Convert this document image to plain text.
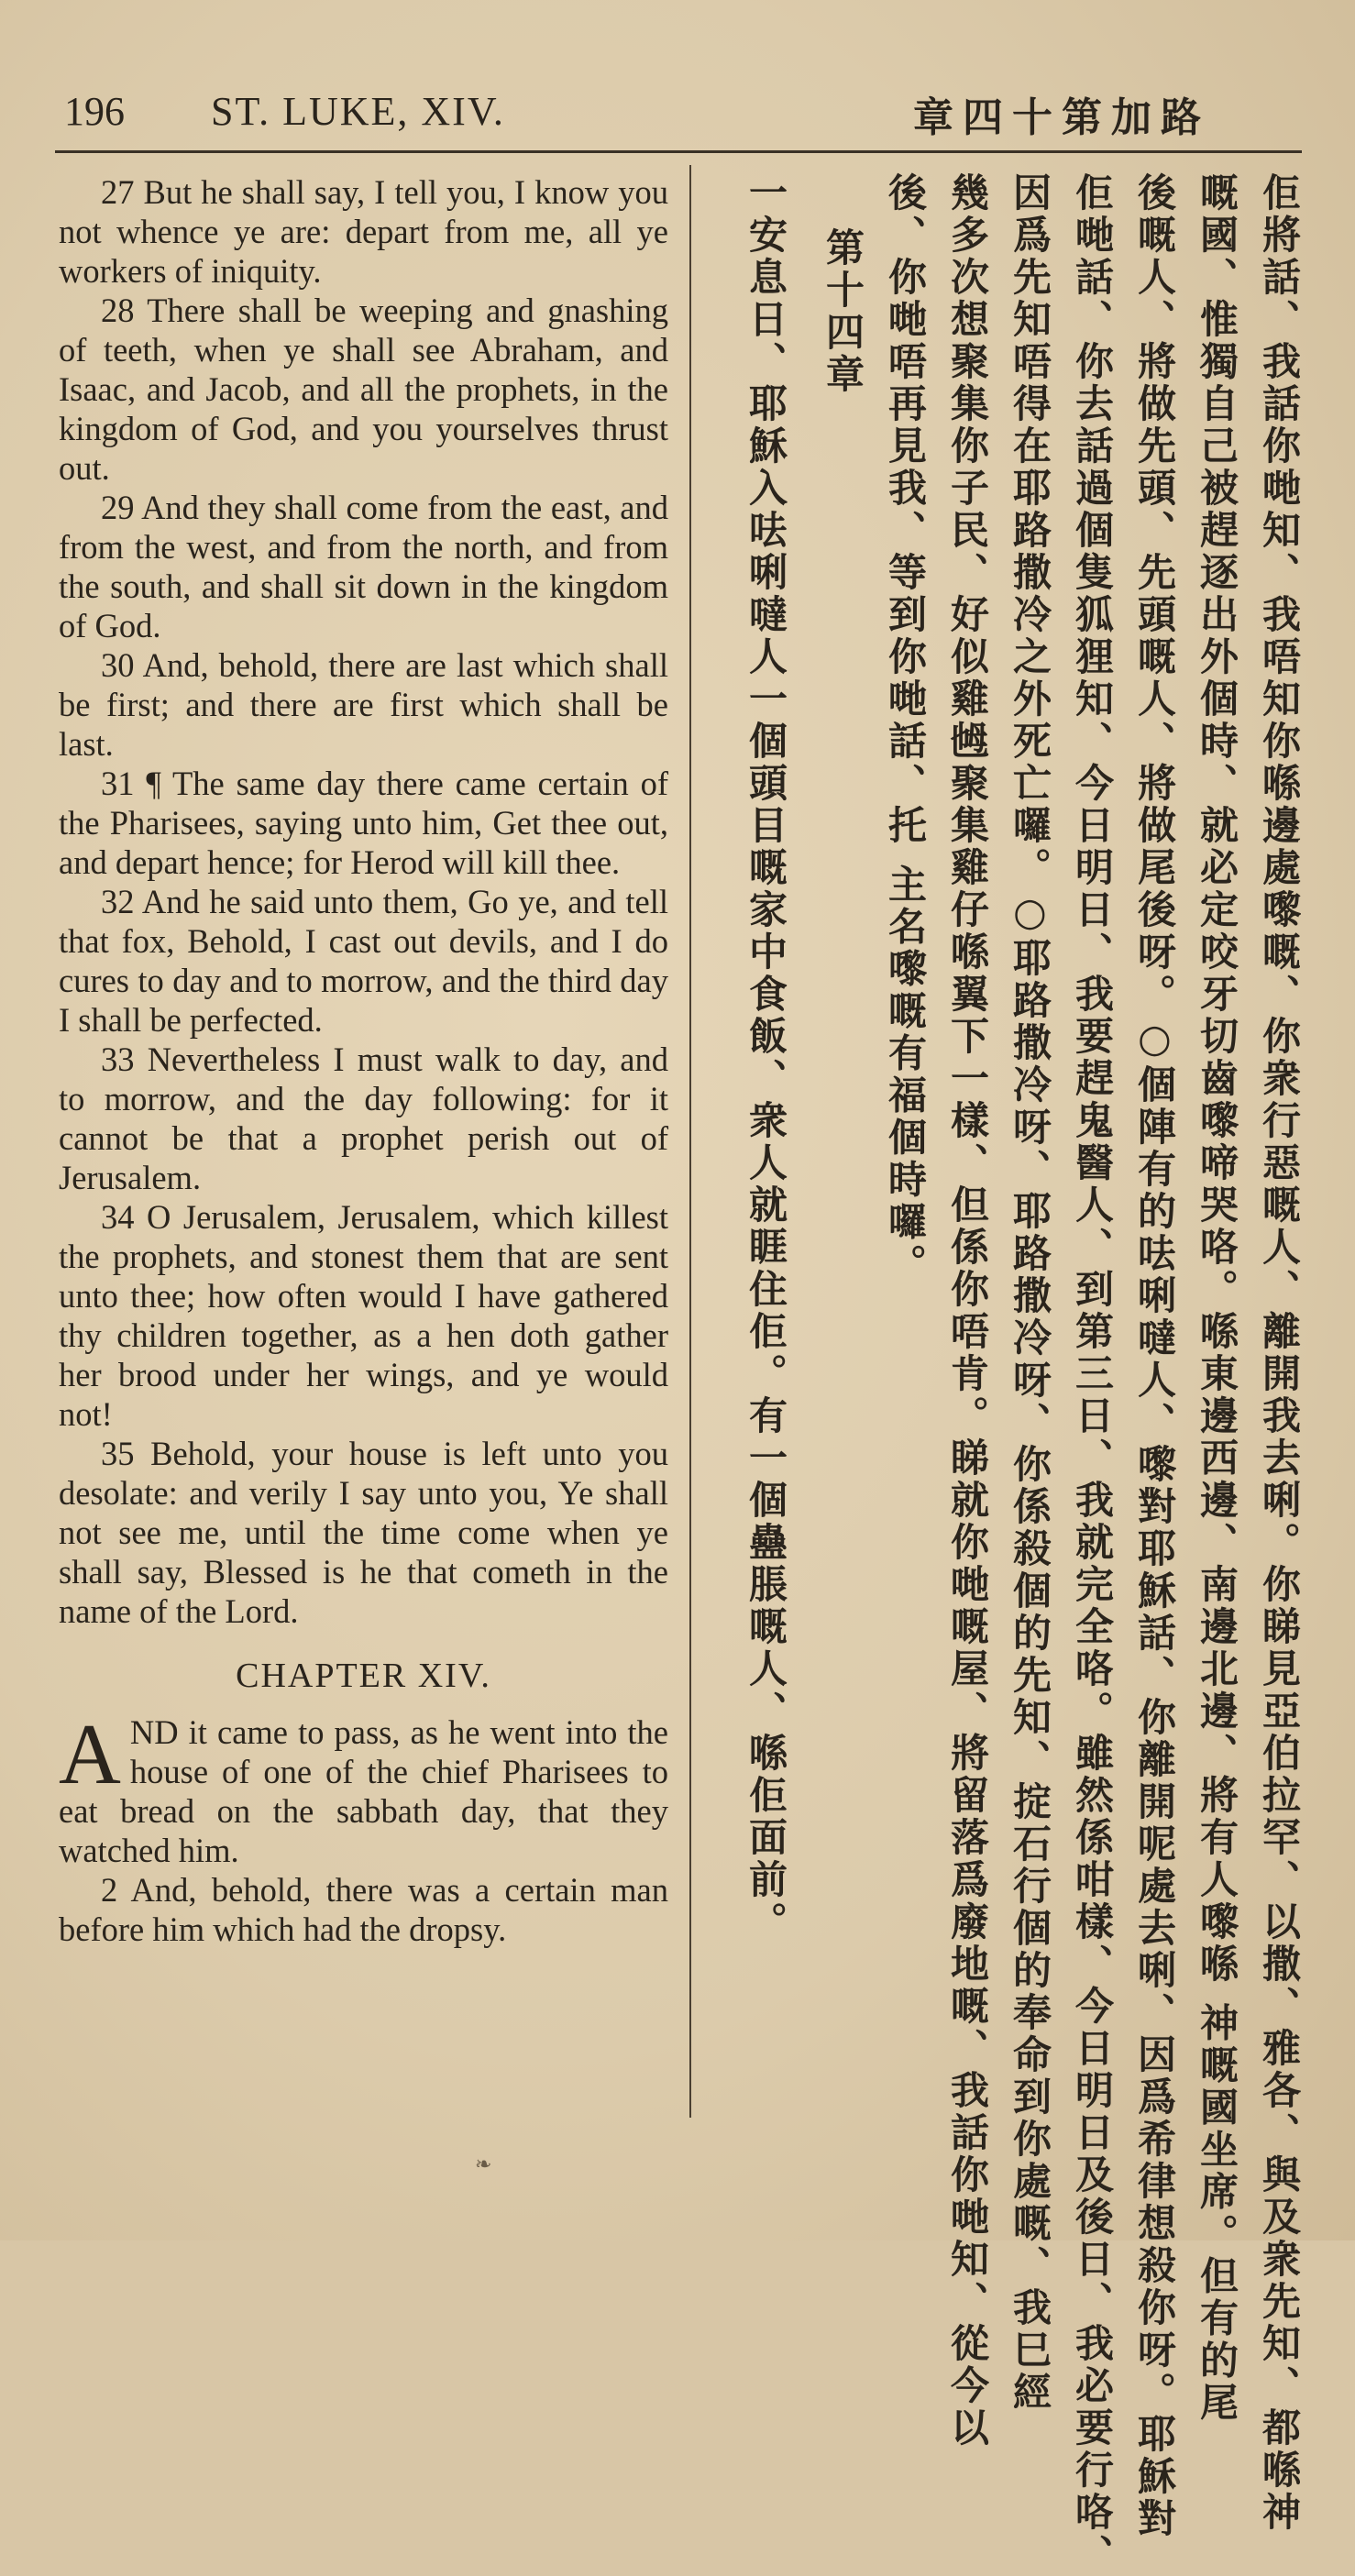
196 ST. LUKE, XIV.	章四十第加路

27 But he shall say, I tell you, I know you not whence ye are: depart from me, all ye workers of iniquity.

28 There shall be weeping and gnashing of teeth, when ye shall see Abraham, and Isaac, and Jacob, and all the prophets, in the kingdom of God, and you yourselves thrust out.

29 And they shall come from the east, and from the west, and from the north, and from the south, and shall sit down in the kingdom of God.

30 And, behold, there are last which shall be first; and there are first which shall be last.

31 ¶ The same day there came certain of the Pharisees, saying unto him, Get thee out, and depart hence; for Herod will kill thee.

32 And he said unto them, Go ye, and tell that fox, Behold, I cast out devils, and I do cures to day and to morrow, and the third day I shall be perfected.

33 Nevertheless I must walk to day, and to morrow, and the day following: for it cannot be that a prophet perish out of Jerusalem.

34 O Jerusalem, Jerusalem, which killest the prophets, and stonest them that are sent unto thee; how often would I have gathered thy children together, as a hen doth gather her brood under her wings, and ye would not!

35 Behold, your house is left unto you desolate: and verily I say unto you, Ye shall not see me, until the time come when ye shall say, Blessed is he that cometh in the name of the Lord.

CHAPTER XIV.

AND it came to pass, as he went into the house of one of the chief Pharisees to eat bread on the sabbath day, that they watched him.

2 And, behold, there was a certain man before him which had the dropsy.	佢將話、我話你哋知、我唔知你喺邊處嚟嘅、你衆行惡嘅人、離開我去唎。你睇見亞伯拉罕、以撒、雅各、與及衆先知、都喺神
嘅國、惟獨自己被趕逐出外個時、就必定咬牙切齒嚟啼哭咯。喺東邊西邊、南邊北邊、將有人嚟喺 神嘅國坐席。但有的尾
後嘅人、將做先頭、先頭嘅人、將做尾後呀。○個陣有的呿唎噠人、嚟對耶穌話、你離開呢處去唎、因爲希律想殺你呀。耶穌對
佢哋話、你去話過個隻狐狸知、今日明日、我要趕鬼醫人、到第三日、我就完全咯。雖然係咁樣、今日明日及後日、我必要行咯、
因爲先知唔得在耶路撒冷之外死亡囉。○耶路撒冷呀、耶路撒冷呀、你係殺個的先知、掟石行個的奉命到你處嘅、我巳經
幾多次想聚集你子民、好似雞乸聚集雞仔喺翼下一樣、但係你唔肯。睇就你哋嘅屋、將留落爲廢地嘅、我話你哋知、從今以
後、你哋唔再見我、等到你哋話、托 主名嚟嘅有福個時囉。
第十四章
一安息日、耶穌入呿唎噠人一個頭目嘅家中食飯、衆人就睚住佢。有一個蠱脹嘅人、喺佢面前。
❧
